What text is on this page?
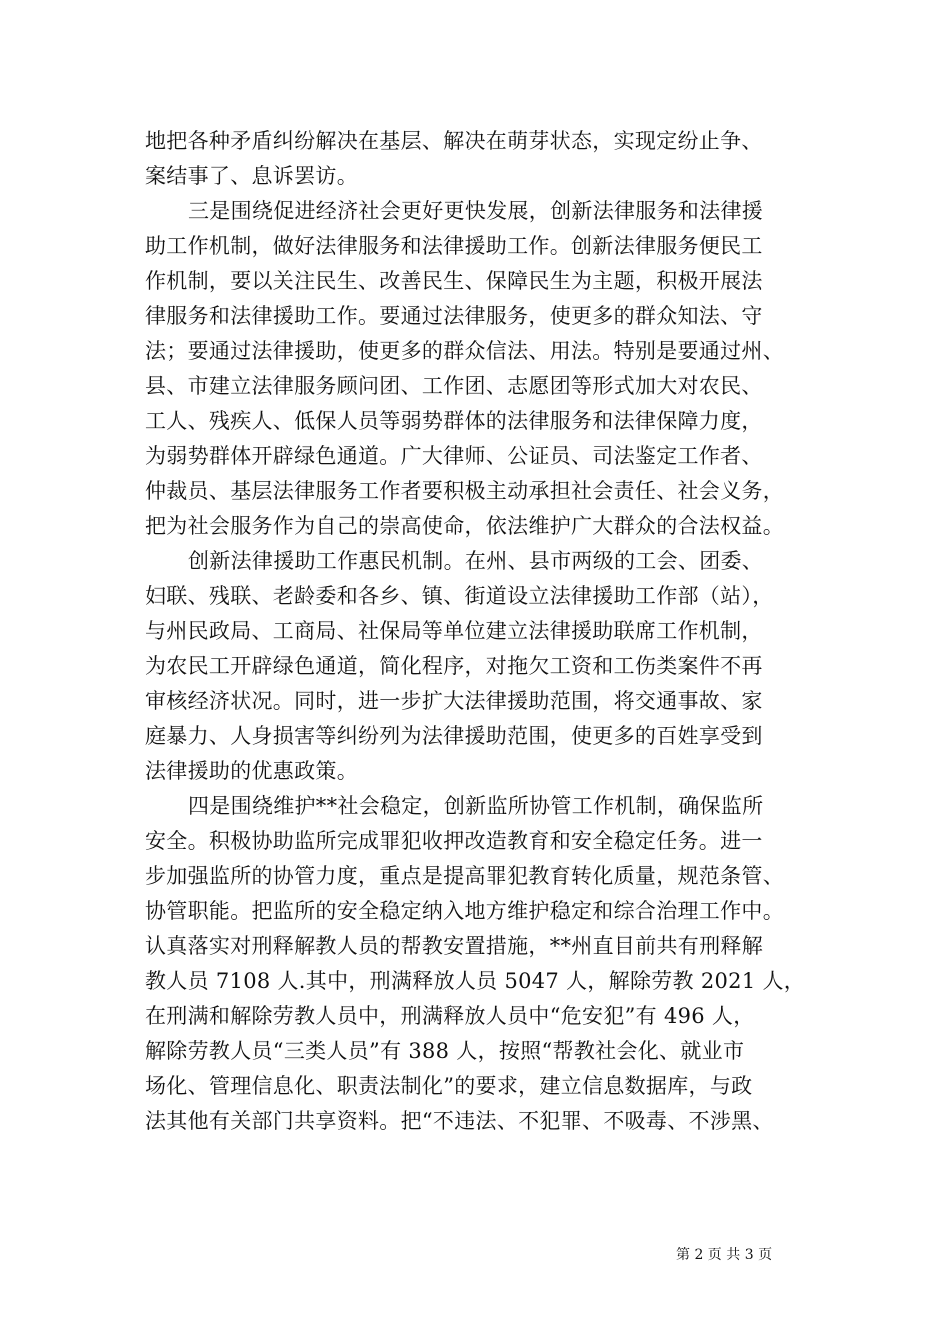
地把各种矛盾纠纷解决在基层、解决在萌芽状态，实现定纷止争、
案结事了、息诉罢访。
三是围绕促进经济社会更好更快发展，创新法律服务和法律援
助工作机制，做好法律服务和法律援助工作。创新法律服务便民工
作机制，要以关注民生、改善民生、保障民生为主题，积极开展法
律服务和法律援助工作。要通过法律服务，使更多的群众知法、守
法；要通过法律援助，使更多的群众信法、用法。特别是要通过州、
县、市建立法律服务顾问团、工作团、志愿团等形式加大对农民、
工人、残疾人、低保人员等弱势群体的法律服务和法律保障力度，
为弱势群体开辟绿色通道。广大律师、公证员、司法鉴定工作者、
仲裁员、基层法律服务工作者要积极主动承担社会责任、社会义务，
把为社会服务作为自己的崇高使命，依法维护广大群众的合法权益。
创新法律援助工作惠民机制。在州、县市两级的工会、团委、
妇联、残联、老龄委和各乡、镇、街道设立法律援助工作部（站），
与州民政局、工商局、社保局等单位建立法律援助联席工作机制，
为农民工开辟绿色通道，简化程序，对拖欠工资和工伤类案件不再
审核经济状况。同时，进一步扩大法律援助范围，将交通事故、家
庭暴力、人身损害等纠纷列为法律援助范围，使更多的百姓享受到
法律援助的优惠政策。
四是围绕维护**社会稳定，创新监所协管工作机制，确保监所
安全。积极协助监所完成罪犯收押改造教育和安全稳定任务。进一
步加强监所的协管力度，重点是提高罪犯教育转化质量，规范条管、
协管职能。把监所的安全稳定纳入地方维护稳定和综合治理工作中。
认真落实对刑释解教人员的帮教安置措施，**州直目前共有刑释解
教人员 7108 人.其中，刑满释放人员 5047 人，解除劳教 2021 人，
在刑满和解除劳教人员中，刑满释放人员中“危安犯”有 496 人，
解除劳教人员“三类人员”有 388 人，按照“帮教社会化、就业市
场化、管理信息化、职责法制化”的要求，建立信息数据库，与政
法其他有关部门共享资料。把“不违法、不犯罪、不吸毒、不涉黑、
第 2 页 共 3 页
